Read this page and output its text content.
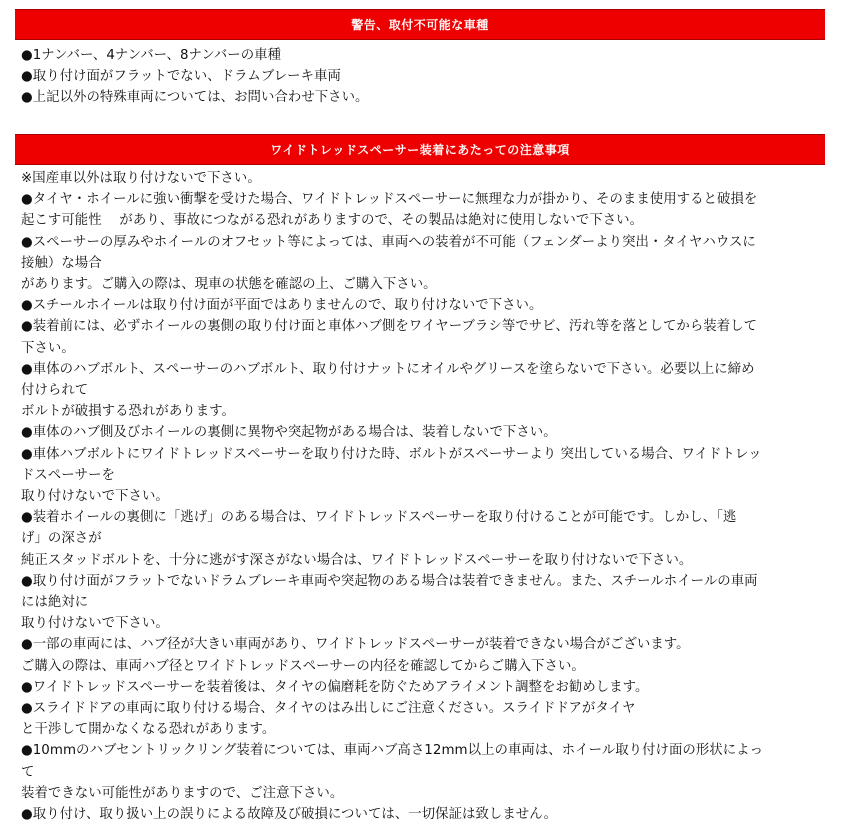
警告、取付不可能な車種
●1ナンバー、4ナンバー、8ナンバーの車種
●取り付け面がフラットでない、ドラムブレーキ車両
●上記以外の特殊車両については、お問い合わせ下さい。
ワイドトレッドスペーサー装着にあたっての注意事項
※国産車以外は取り付けないで下さい。
●タイヤ・ホイールに強い衝撃を受けた場合、ワイドトレッドスペーサーに無理な力が掛かり、そのまま使用すると破損を
起こす可能性　 があり、事故につながる恐れがありますので、その製品は絶対に使用しないで下さい。
●スペーサーの厚みやホイールのオフセット等によっては、車両への装着が不可能（フェンダーより突出・タイヤハウスに
接触）な場合
があります。ご購入の際は、現車の状態を確認の上、ご購入下さい。
●スチールホイールは取り付け面が平面ではありませんので、取り付けないで下さい。
●装着前には、必ずホイールの裏側の取り付け面と車体ハブ側をワイヤーブラシ等でサビ、汚れ等を落としてから装着して
下さい。
●車体のハブボルト、スペーサーのハブボルト、取り付けナットにオイルやグリースを塗らないで下さい。必要以上に締め
付けられて
ボルトが破損する恐れがあります。
●車体のハブ側及びホイールの裏側に異物や突起物がある場合は、装着しないで下さい。
●車体ハブボルトにワイドトレッドスペーサーを取り付けた時、ボルトがスペーサーより 突出している場合、ワイドトレッ
ドスペーサーを
取り付けないで下さい。
●装着ホイールの裏側に「逃げ」のある場合は、ワイドトレッドスペーサーを取り付けることが可能です。しかし、「逃
げ」の深さが
純正スタッドボルトを、十分に逃がす深さがない場合は、ワイドトレッドスペーサーを取り付けないで下さい。
●取り付け面がフラットでないドラムブレーキ車両や突起物のある場合は装着できません。また、スチールホイールの車両
には絶対に
取り付けないで下さい。
●一部の車両には、ハブ径が大きい車両があり、ワイドトレッドスペーサーが装着できない場合がございます。
ご購入の際は、車両ハブ径とワイドトレッドスペーサーの内径を確認してからご購入下さい。
●ワイドトレッドスペーサーを装着後は、タイヤの偏磨耗を防ぐためアライメント調整をお勧めします。
●スライドドアの車両に取り付ける場合、タイヤのはみ出しにご注意ください。スライドドアがタイヤ
と干渉して開かなくなる恐れがあります。
●10mmのハブセントリックリング装着については、車両ハブ高さ12mm以上の車両は、ホイール取り付け面の形状によっ
て
装着できない可能性がありますので、ご注意下さい。
●取り付け、取り扱い上の誤りによる故障及び破損については、一切保証は致しません。
